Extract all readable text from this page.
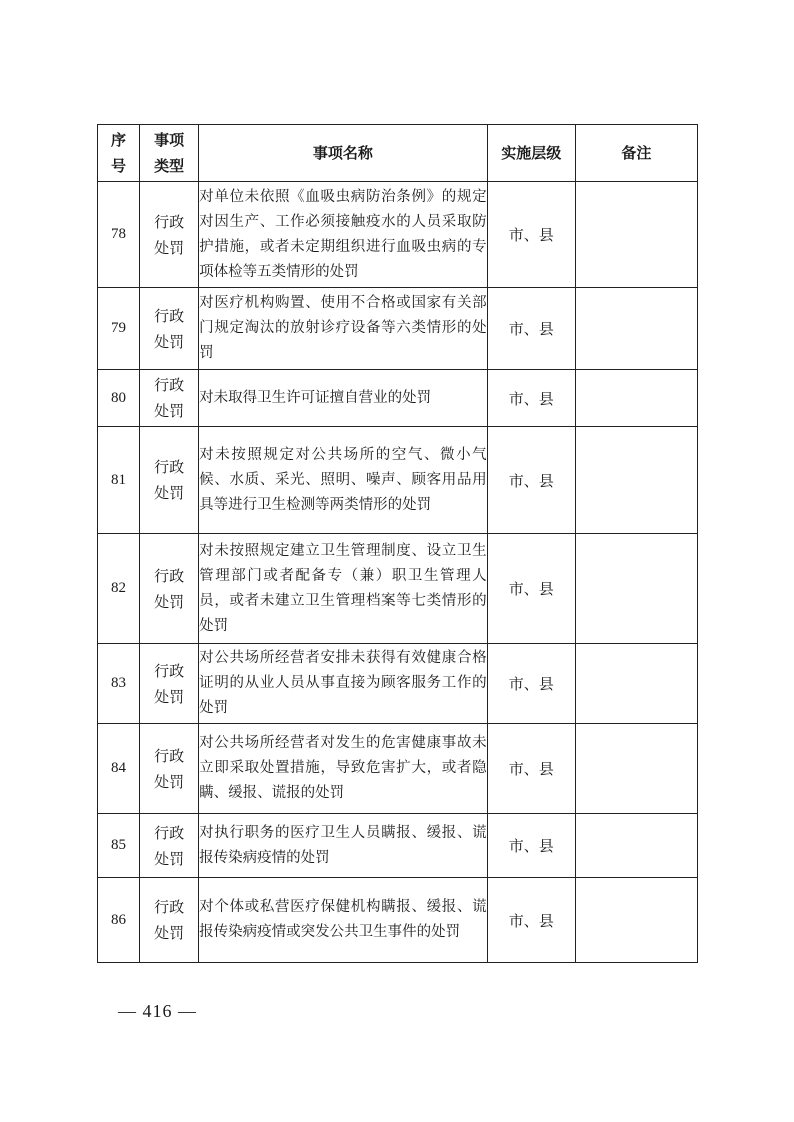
序号	事项类型	事项名称	实施层级	备注
78	行政处罚	对单位未依照《血吸虫病防治条例》的规定对因生产、工作必须接触疫水的人员采取防护措施，或者未定期组织进行血吸虫病的专项体检等五类情形的处罚	市、县	
79	行政处罚	对医疗机构购置、使用不合格或国家有关部门规定淘汰的放射诊疗设备等六类情形的处罚	市、县	
80	行政处罚	对未取得卫生许可证擅自营业的处罚	市、县	
81	行政处罚	对未按照规定对公共场所的空气、微小气候、水质、采光、照明、噪声、顾客用品用具等进行卫生检测等两类情形的处罚	市、县	
82	行政处罚	对未按照规定建立卫生管理制度、设立卫生管理部门或者配备专（兼）职卫生管理人员，或者未建立卫生管理档案等七类情形的处罚	市、县	
83	行政处罚	对公共场所经营者安排未获得有效健康合格证明的从业人员从事直接为顾客服务工作的处罚	市、县	
84	行政处罚	对公共场所经营者对发生的危害健康事故未立即采取处置措施，导致危害扩大，或者隐瞒、缓报、谎报的处罚	市、县	
85	行政处罚	对执行职务的医疗卫生人员瞒报、缓报、谎报传染病疫情的处罚	市、县	
86	行政处罚	对个体或私营医疗保健机构瞒报、缓报、谎报传染病疫情或突发公共卫生事件的处罚	市、县	
— 416 —
